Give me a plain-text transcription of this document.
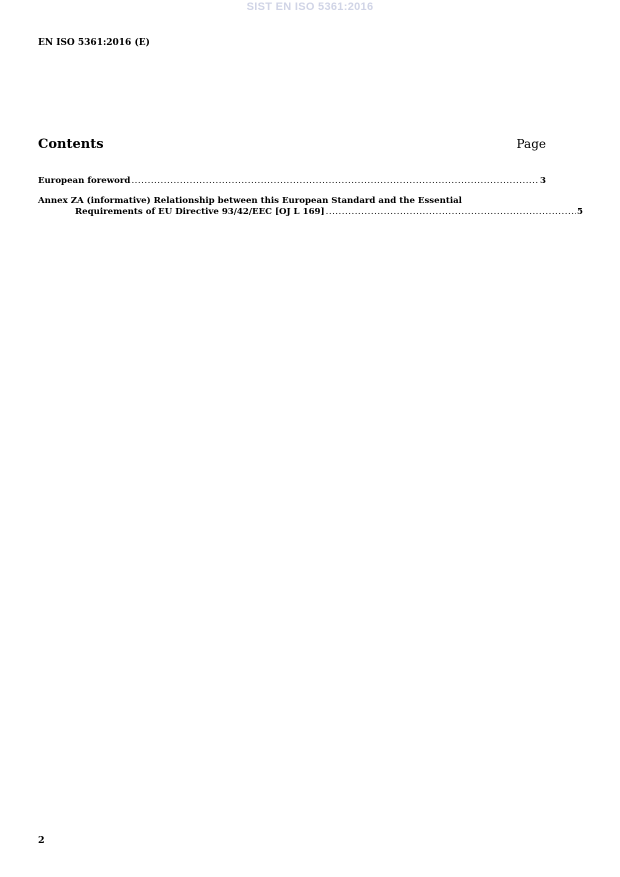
SIST EN ISO 5361:2016
EN ISO 5361:2016 (E)
Contents	Page
European foreword .....	3
Annex ZA (informative) Relationship between this European Standard and the Essential
Requirements of EU Directive 93/42/EEC [OJ L 169] .....	5
2
